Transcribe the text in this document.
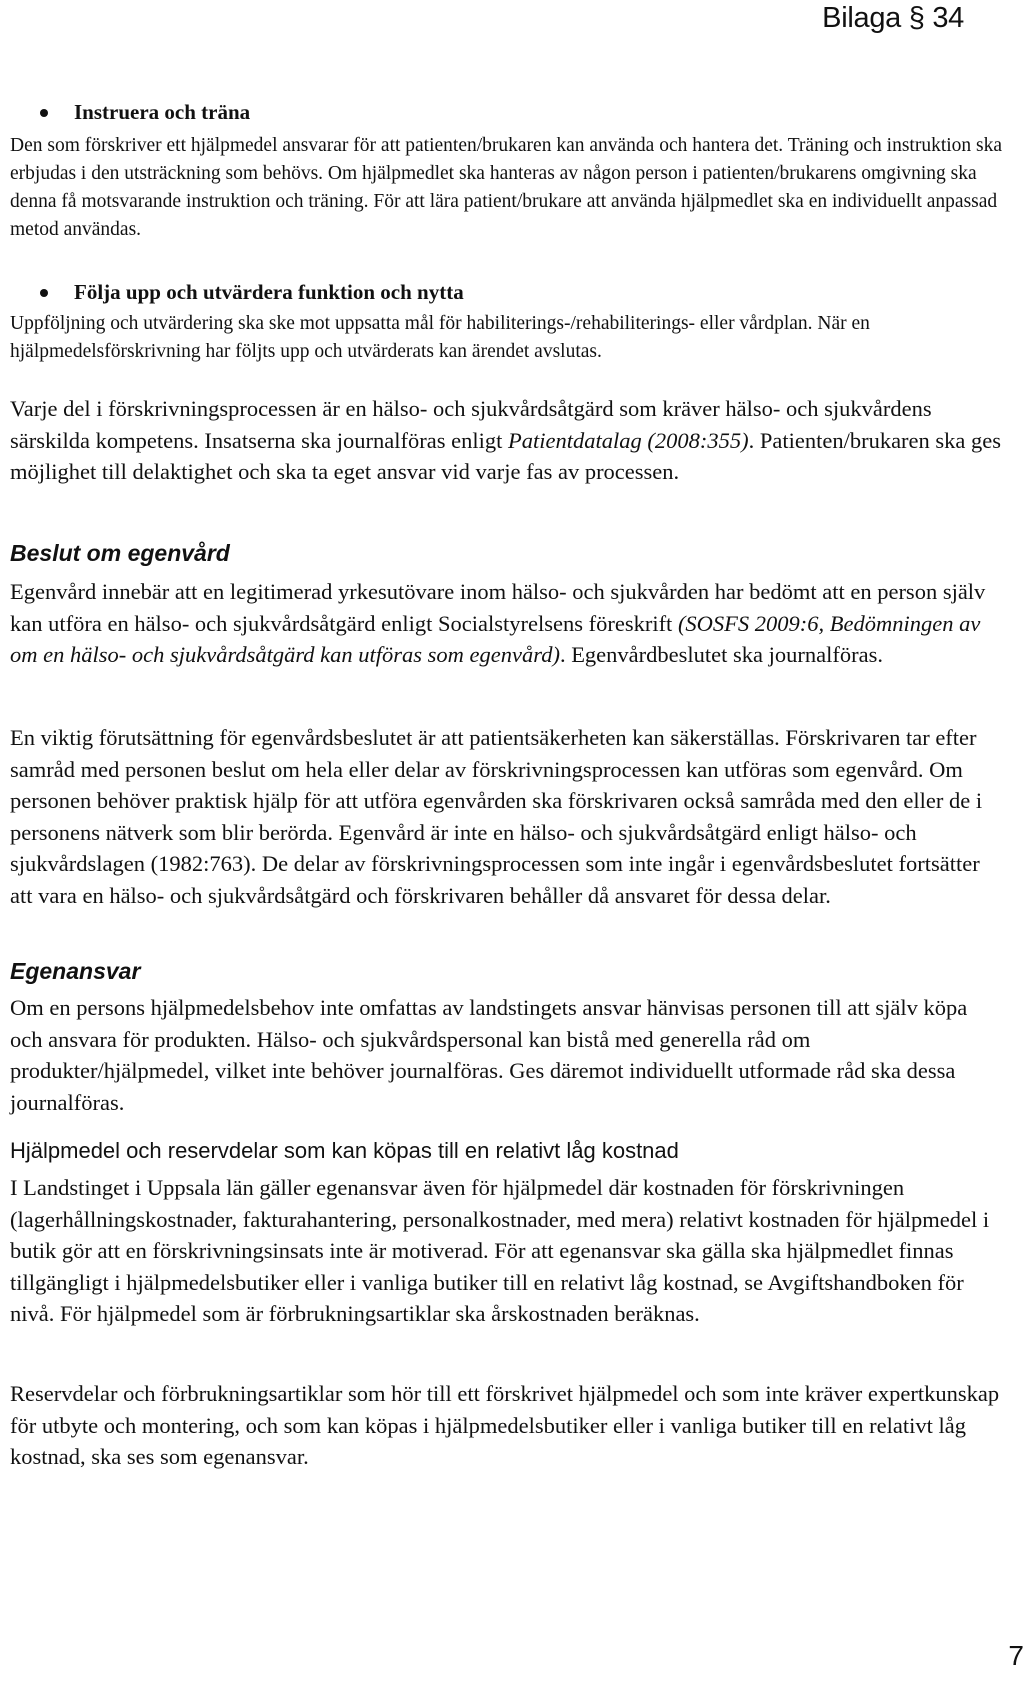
Bilaga § 34
Instruera och träna

Den som förskriver ett hjälpmedel ansvarar för att patienten/brukaren kan använda och hantera det. Träning och instruktion ska erbjudas i den utsträckning som behövs. Om hjälpmedlet ska hanteras av någon person i patienten/brukarens omgivning ska denna få motsvarande instruktion och träning. För att lära patient/brukare att använda hjälpmedlet ska en individuellt anpassad metod användas.

Följa upp och utvärdera funktion och nytta

Uppföljning och utvärdering ska ske mot uppsatta mål för habiliterings-/rehabiliterings- eller vårdplan. När en hjälpmedelsförskrivning har följts upp och utvärderats kan ärendet avslutas.

Varje del i förskrivningsprocessen är en hälso- och sjukvårdsåtgärd som kräver hälso- och sjukvårdens särskilda kompetens. Insatserna ska journalföras enligt Patientdatalag (2008:355). Patienten/brukaren ska ges möjlighet till delaktighet och ska ta eget ansvar vid varje fas av processen.

Beslut om egenvård

Egenvård innebär att en legitimerad yrkesutövare inom hälso- och sjukvården har bedömt att en person själv kan utföra en hälso- och sjukvårdsåtgärd enligt Socialstyrelsens föreskrift (SOSFS 2009:6, Bedömningen av om en hälso- och sjukvårdsåtgärd kan utföras som egenvård). Egenvårdbeslutet ska journalföras.

En viktig förutsättning för egenvårdsbeslutet är att patientsäkerheten kan säkerställas. Förskrivaren tar efter samråd med personen beslut om hela eller delar av förskrivningsprocessen kan utföras som egenvård. Om personen behöver praktisk hjälp för att utföra egenvården ska förskrivaren också samråda med den eller de i personens nätverk som blir berörda. Egenvård är inte en hälso- och sjukvårdsåtgärd enligt hälso- och sjukvårdslagen (1982:763). De delar av förskrivningsprocessen som inte ingår i egenvårdsbeslutet fortsätter att vara en hälso- och sjukvårdsåtgärd och förskrivaren behåller då ansvaret för dessa delar.

Egenansvar

Om en persons hjälpmedelsbehov inte omfattas av landstingets ansvar hänvisas personen till att själv köpa och ansvara för produkten. Hälso- och sjukvårdspersonal kan bistå med generella råd om produkter/hjälpmedel, vilket inte behöver journalföras. Ges däremot individuellt utformade råd ska dessa journalföras.

Hjälpmedel och reservdelar som kan köpas till en relativt låg kostnad

I Landstinget i Uppsala län gäller egenansvar även för hjälpmedel där kostnaden för förskrivningen (lagerhållningskostnader, fakturahantering, personalkostnader, med mera) relativt kostnaden för hjälpmedel i butik gör att en förskrivningsinsats inte är motiverad. För att egenansvar ska gälla ska hjälpmedlet finnas tillgängligt i hjälpmedelsbutiker eller i vanliga butiker till en relativt låg kostnad, se Avgiftshandboken för nivå. För hjälpmedel som är förbrukningsartiklar ska årskostnaden beräknas.

Reservdelar och förbrukningsartiklar som hör till ett förskrivet hjälpmedel och som inte kräver expertkunskap för utbyte och montering, och som kan köpas i hjälpmedelsbutiker eller i vanliga butiker till en relativt låg kostnad, ska ses som egenansvar.

7
